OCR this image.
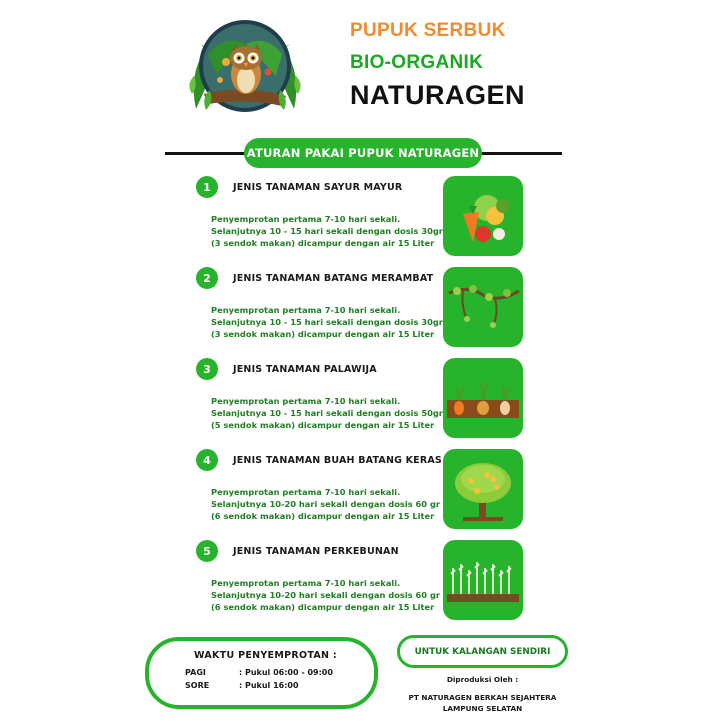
PUPUK SERBUK
BIO-ORGANIK
NATURAGEN
ATURAN PAKAI PUPUK NATURAGEN
1	JENIS TANAMAN SAYUR MAYUR
Penyemprotan pertama 7-10 hari sekali.
Selanjutnya 10 - 15 hari sekali dengan dosis 30gr
(3 sendok makan) dicampur dengan air 15 Liter
2	JENIS TANAMAN BATANG MERAMBAT
Penyemprotan pertama 7-10 hari sekali.
Selanjutnya 10 - 15 hari sekali dengan dosis 30gr
(3 sendok makan) dicampur dengan air 15 Liter
3	JENIS TANAMAN PALAWIJA
Penyemprotan pertama 7-10 hari sekali.
Selanjutnya 10 - 15 hari sekali dengan dosis 50gr
(5 sendok makan) dicampur dengan air 15 Liter
4	JENIS TANAMAN BUAH BATANG KERAS
Penyemprotan pertama 7-10 hari sekali.
Selanjutnya 10-20 hari sekali dengan dosis 60 gr
(6 sendok makan) dicampur dengan air 15 Liter
5	JENIS TANAMAN PERKEBUNAN
Penyemprotan pertama 7-10 hari sekali.
Selanjutnya 10-20 hari sekali dengan dosis 60 gr
(6 sendok makan) dicampur dengan air 15 Liter
WAKTU PENYEMPROTAN :
PAGI	: Pukul 06:00 - 09:00
SORE	: Pukul 16:00
UNTUK KALANGAN SENDIRI
Diproduksi Oleh :
PT NATURAGEN BERKAH SEJAHTERA
LAMPUNG SELATAN
